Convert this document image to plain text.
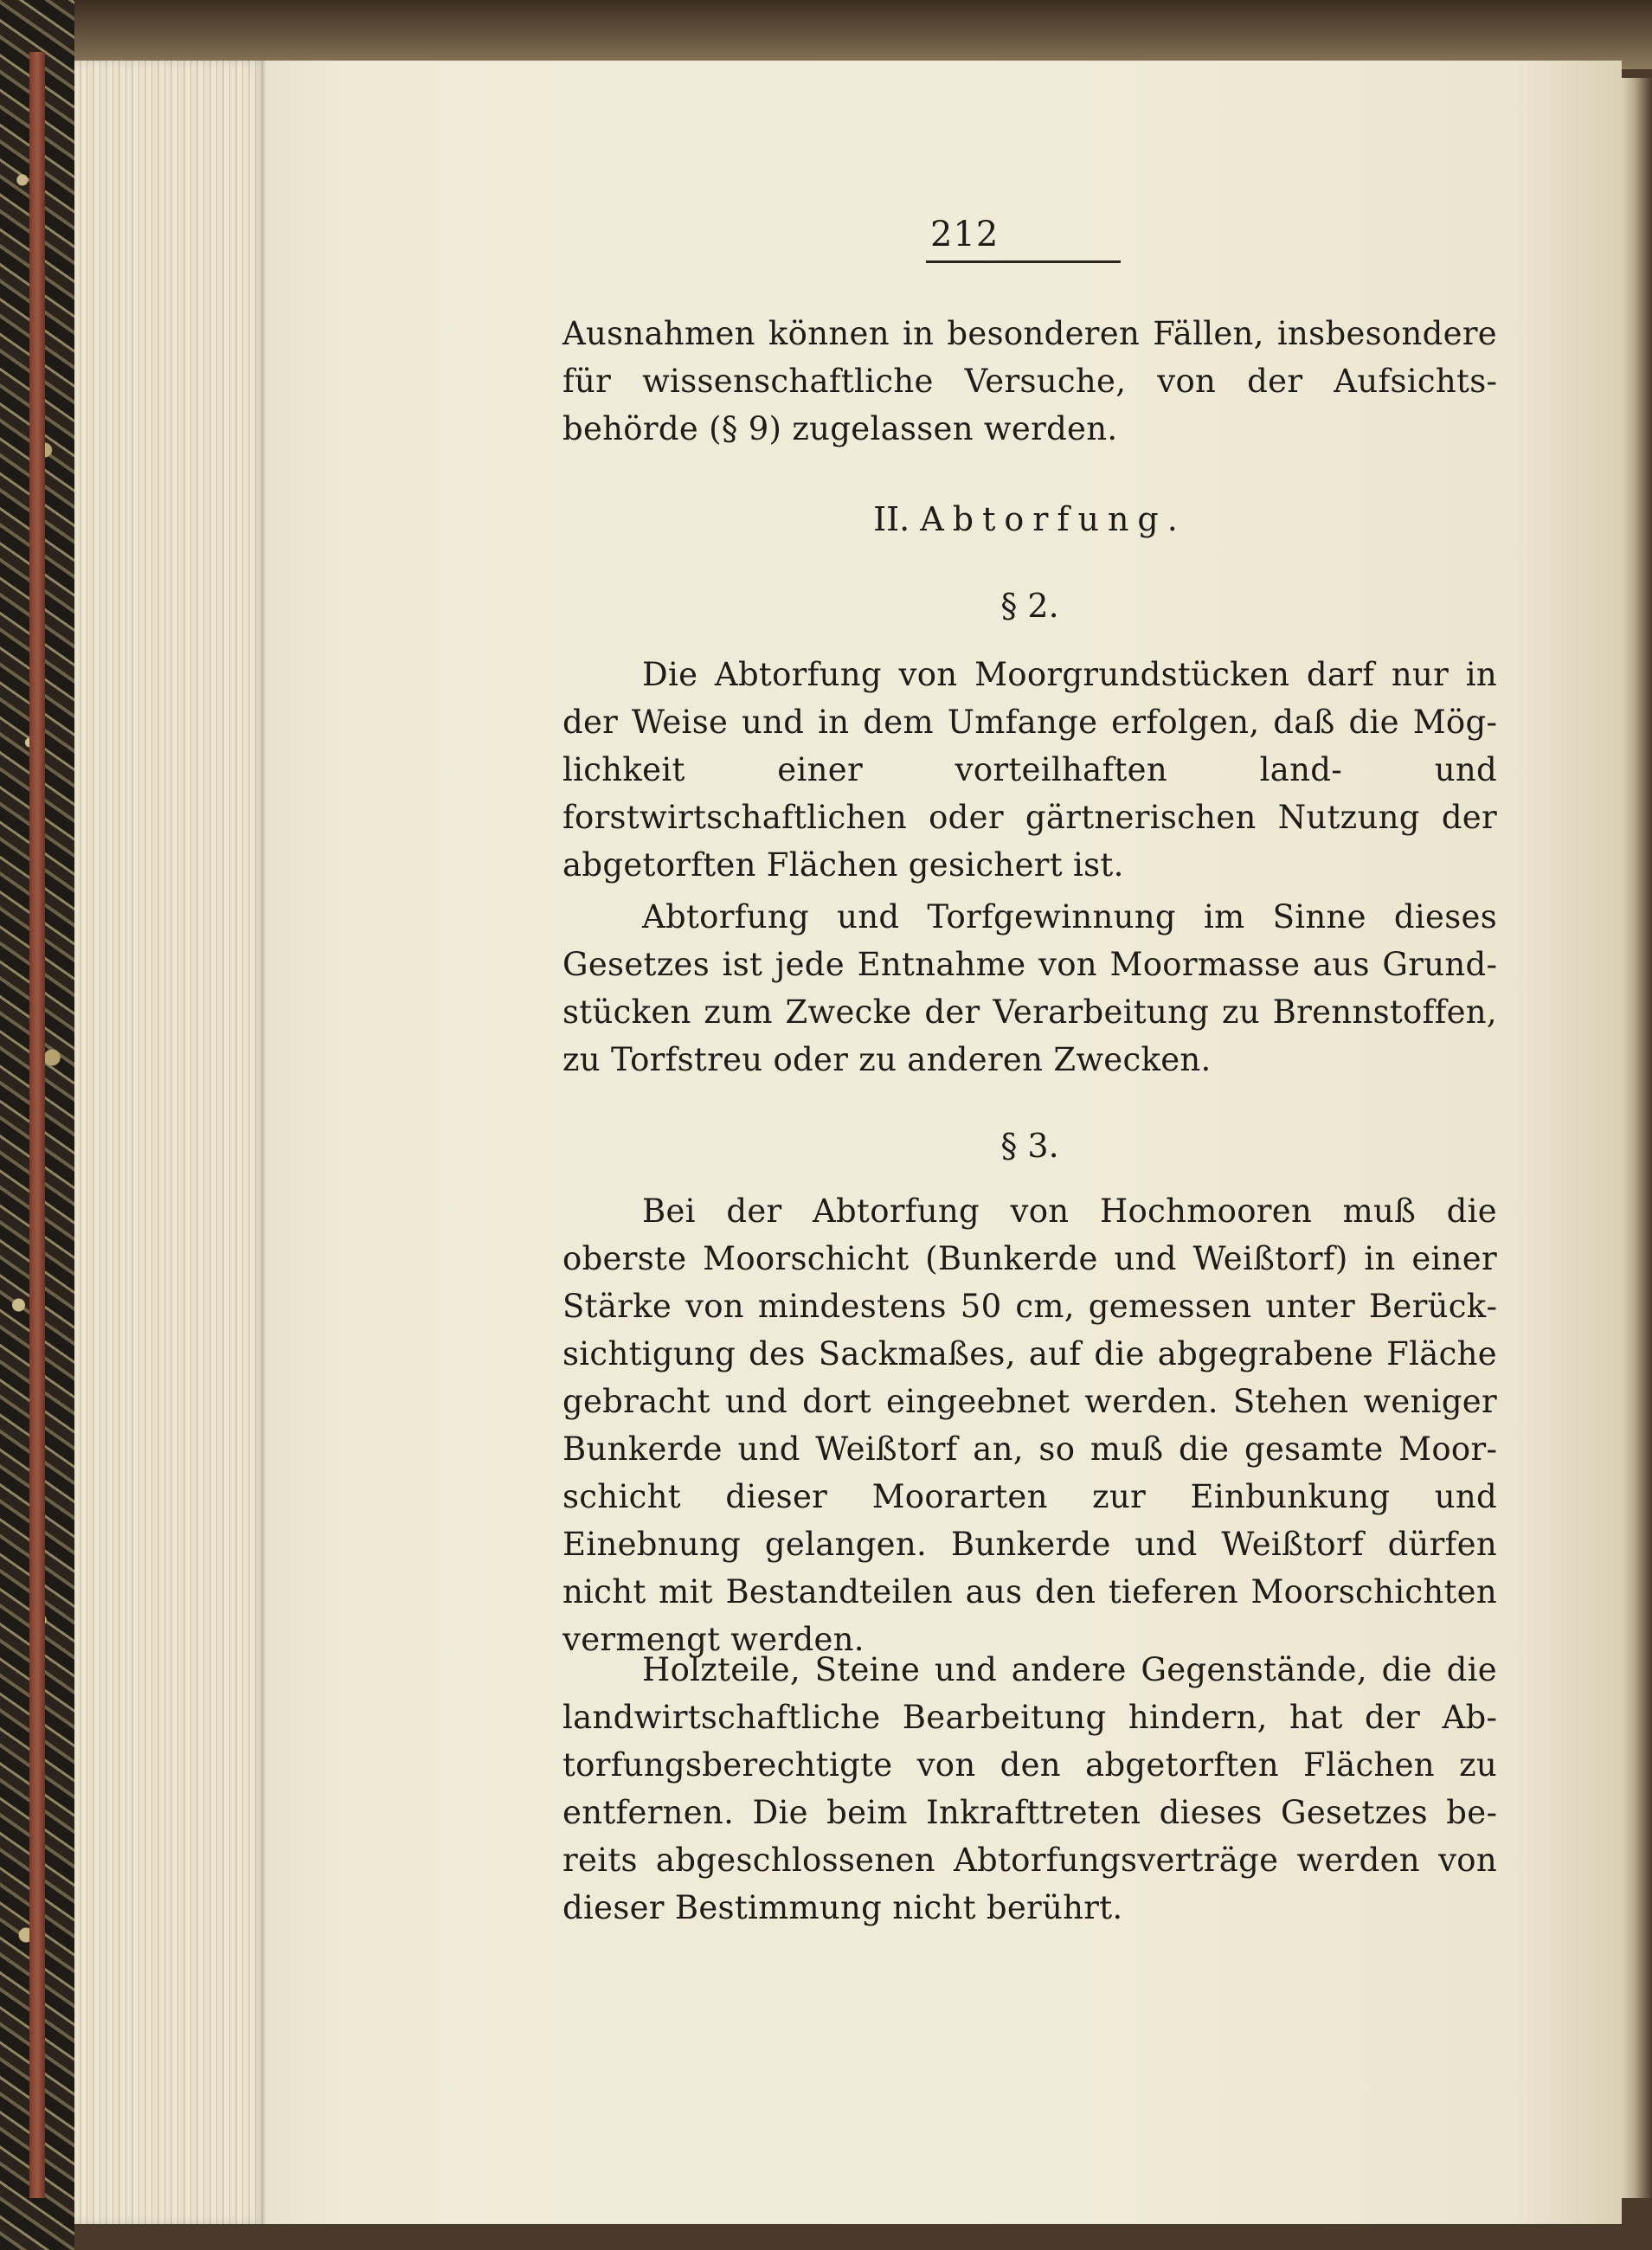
212

Ausnahmen können in besonderen Fällen, insbesondere für wissenschaftliche Versuche, von der Aufsichtsbehörde (§ 9) zugelassen werden.

II. Abtorfung.
§ 2.

Die Abtorfung von Moorgrundstücken darf nur in der Weise und in dem Umfange erfolgen, daß die Möglichkeit einer vorteilhaften land- und forstwirtschaftlichen oder gärtnerischen Nutzung der abgetorften Flächen gesichert ist.

Abtorfung und Torfgewinnung im Sinne dieses Gesetzes ist jede Entnahme von Moormasse aus Grundstücken zum Zwecke der Verarbeitung zu Brennstoffen, zu Torfstreu oder zu anderen Zwecken.

§ 3.

Bei der Abtorfung von Hochmooren muß die oberste Moorschicht (Bunkerde und Weißtorf) in einer Stärke von mindestens 50 cm, gemessen unter Berücksichtigung des Sackmaßes, auf die abgegrabene Fläche gebracht und dort eingeebnet werden. Stehen weniger Bunkerde und Weißtorf an, so muß die gesamte Moorschicht dieser Moorarten zur Einbunkung und Einebnung gelangen. Bunkerde und Weißtorf dürfen nicht mit Bestandteilen aus den tieferen Moorschichten vermengt werden.

Holzteile, Steine und andere Gegenstände, die die landwirtschaftliche Bearbeitung hindern, hat der Abtorfungsberechtigte von den abgetorften Flächen zu entfernen. Die beim Inkrafttreten dieses Gesetzes bereits abgeschlossenen Abtorfungsverträge werden von dieser Bestimmung nicht berührt.
